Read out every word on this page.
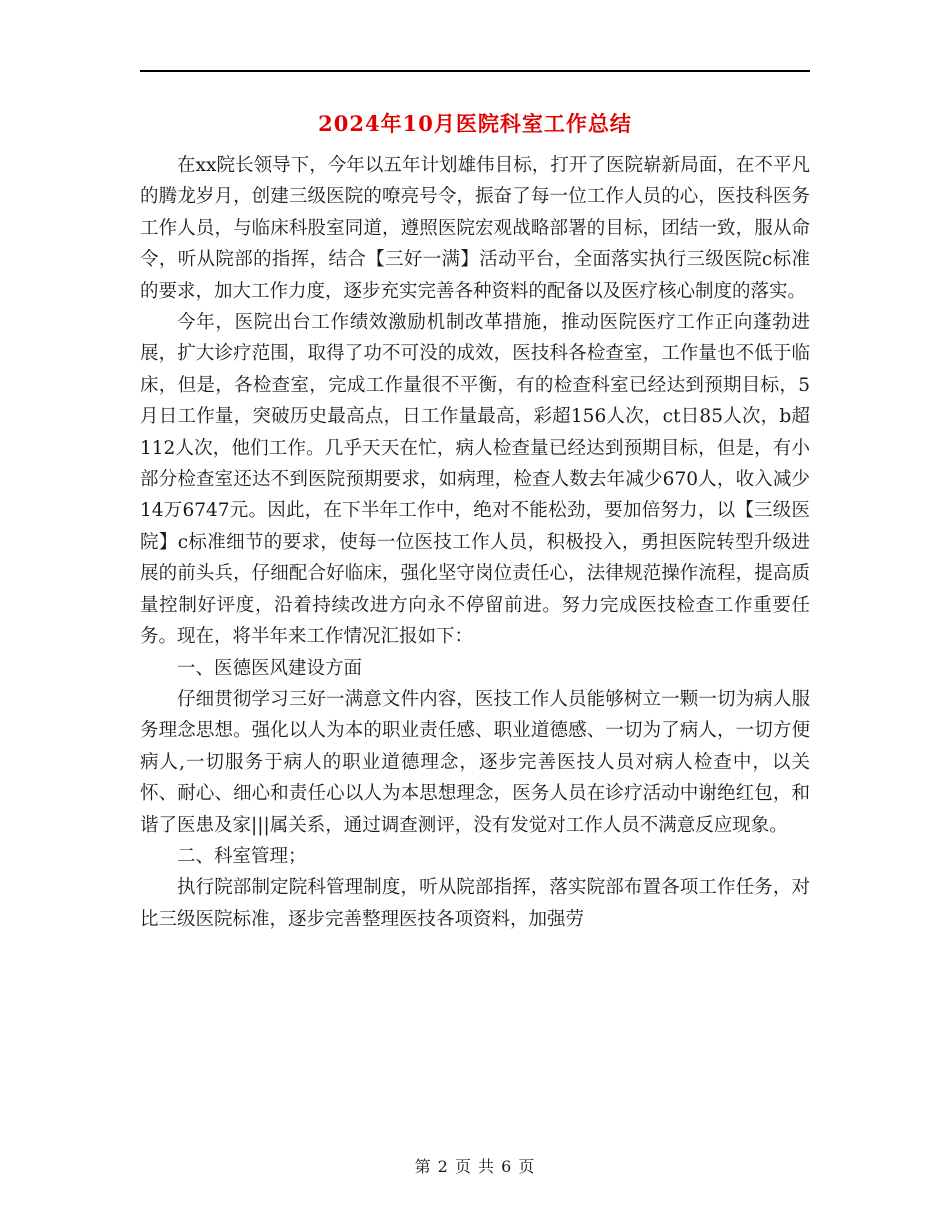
2024年10月医院科室工作总结

在xx院长领导下，今年以五年计划雄伟目标，打开了医院崭新局面，在不平凡的腾龙岁月，创建三级医院的嘹亮号令，振奋了每一位工作人员的心，医技科医务工作人员，与临床科股室同道，遵照医院宏观战略部署的目标，团结一致，服从命令，听从院部的指挥，结合【三好一满】活动平台，全面落实执行三级医院c标准的要求，加大工作力度，逐步充实完善各种资料的配备以及医疗核心制度的落实。

今年，医院出台工作绩效激励机制改革措施，推动医院医疗工作正向蓬勃进展，扩大诊疗范围，取得了功不可没的成效，医技科各检查室，工作量也不低于临床，但是，各检查室，完成工作量很不平衡，有的检查科室已经达到预期目标，5月日工作量，突破历史最高点，日工作量最高，彩超156人次，ct日85人次，b超112人次，他们工作。几乎天天在忙，病人检查量已经达到预期目标，但是，有小部分检查室还达不到医院预期要求，如病理，检查人数去年减少670人，收入减少14万6747元。因此，在下半年工作中，绝对不能松劲，要加倍努力，以【三级医院】c标准细节的要求，使每一位医技工作人员，积极投入，勇担医院转型升级进展的前头兵，仔细配合好临床，强化坚守岗位责任心，法律规范操作流程，提高质量控制好评度，沿着持续改进方向永不停留前进。努力完成医技检查工作重要任务。现在，将半年来工作情况汇报如下：

一、医德医风建设方面

仔细贯彻学习三好一满意文件内容，医技工作人员能够树立一颗一切为病人服务理念思想。强化以人为本的职业责任感、职业道德感、一切为了病人，一切方便病人,一切服务于病人的职业道德理念，逐步完善医技人员对病人检查中，以关怀、耐心、细心和责任心以人为本思想理念，医务人员在诊疗活动中谢绝红包，和谐了医患及家|||属关系，通过调查测评，没有发觉对工作人员不满意反应现象。

二、科室管理；

执行院部制定院科管理制度，听从院部指挥，落实院部布置各项工作任务，对比三级医院标准，逐步完善整理医技各项资料，加强劳

第 2 页 共 6 页
